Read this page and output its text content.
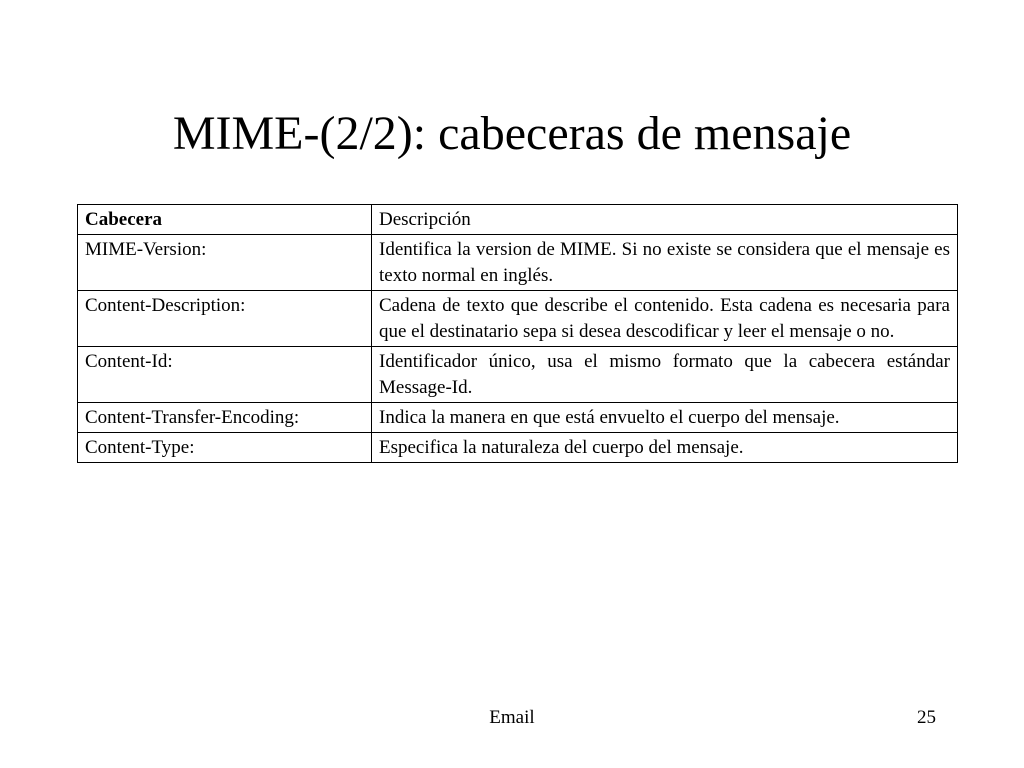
MIME-(2/2): cabeceras de mensaje
Cabecera	Descripción
MIME-Version:	Identifica la version de MIME. Si no existe se considera que el mensaje es texto normal en inglés.
Content-Description:	Cadena de texto que describe el contenido. Esta cadena es necesaria para que el destinatario sepa si desea descodificar y leer el mensaje o no.
Content-Id:	Identificador único, usa el mismo formato que la cabecera estándar Message-Id.
Content-Transfer-Encoding:	Indica la manera en que está envuelto el cuerpo del mensaje.
Content-Type:	Especifica la naturaleza del cuerpo del mensaje.
Email	25
